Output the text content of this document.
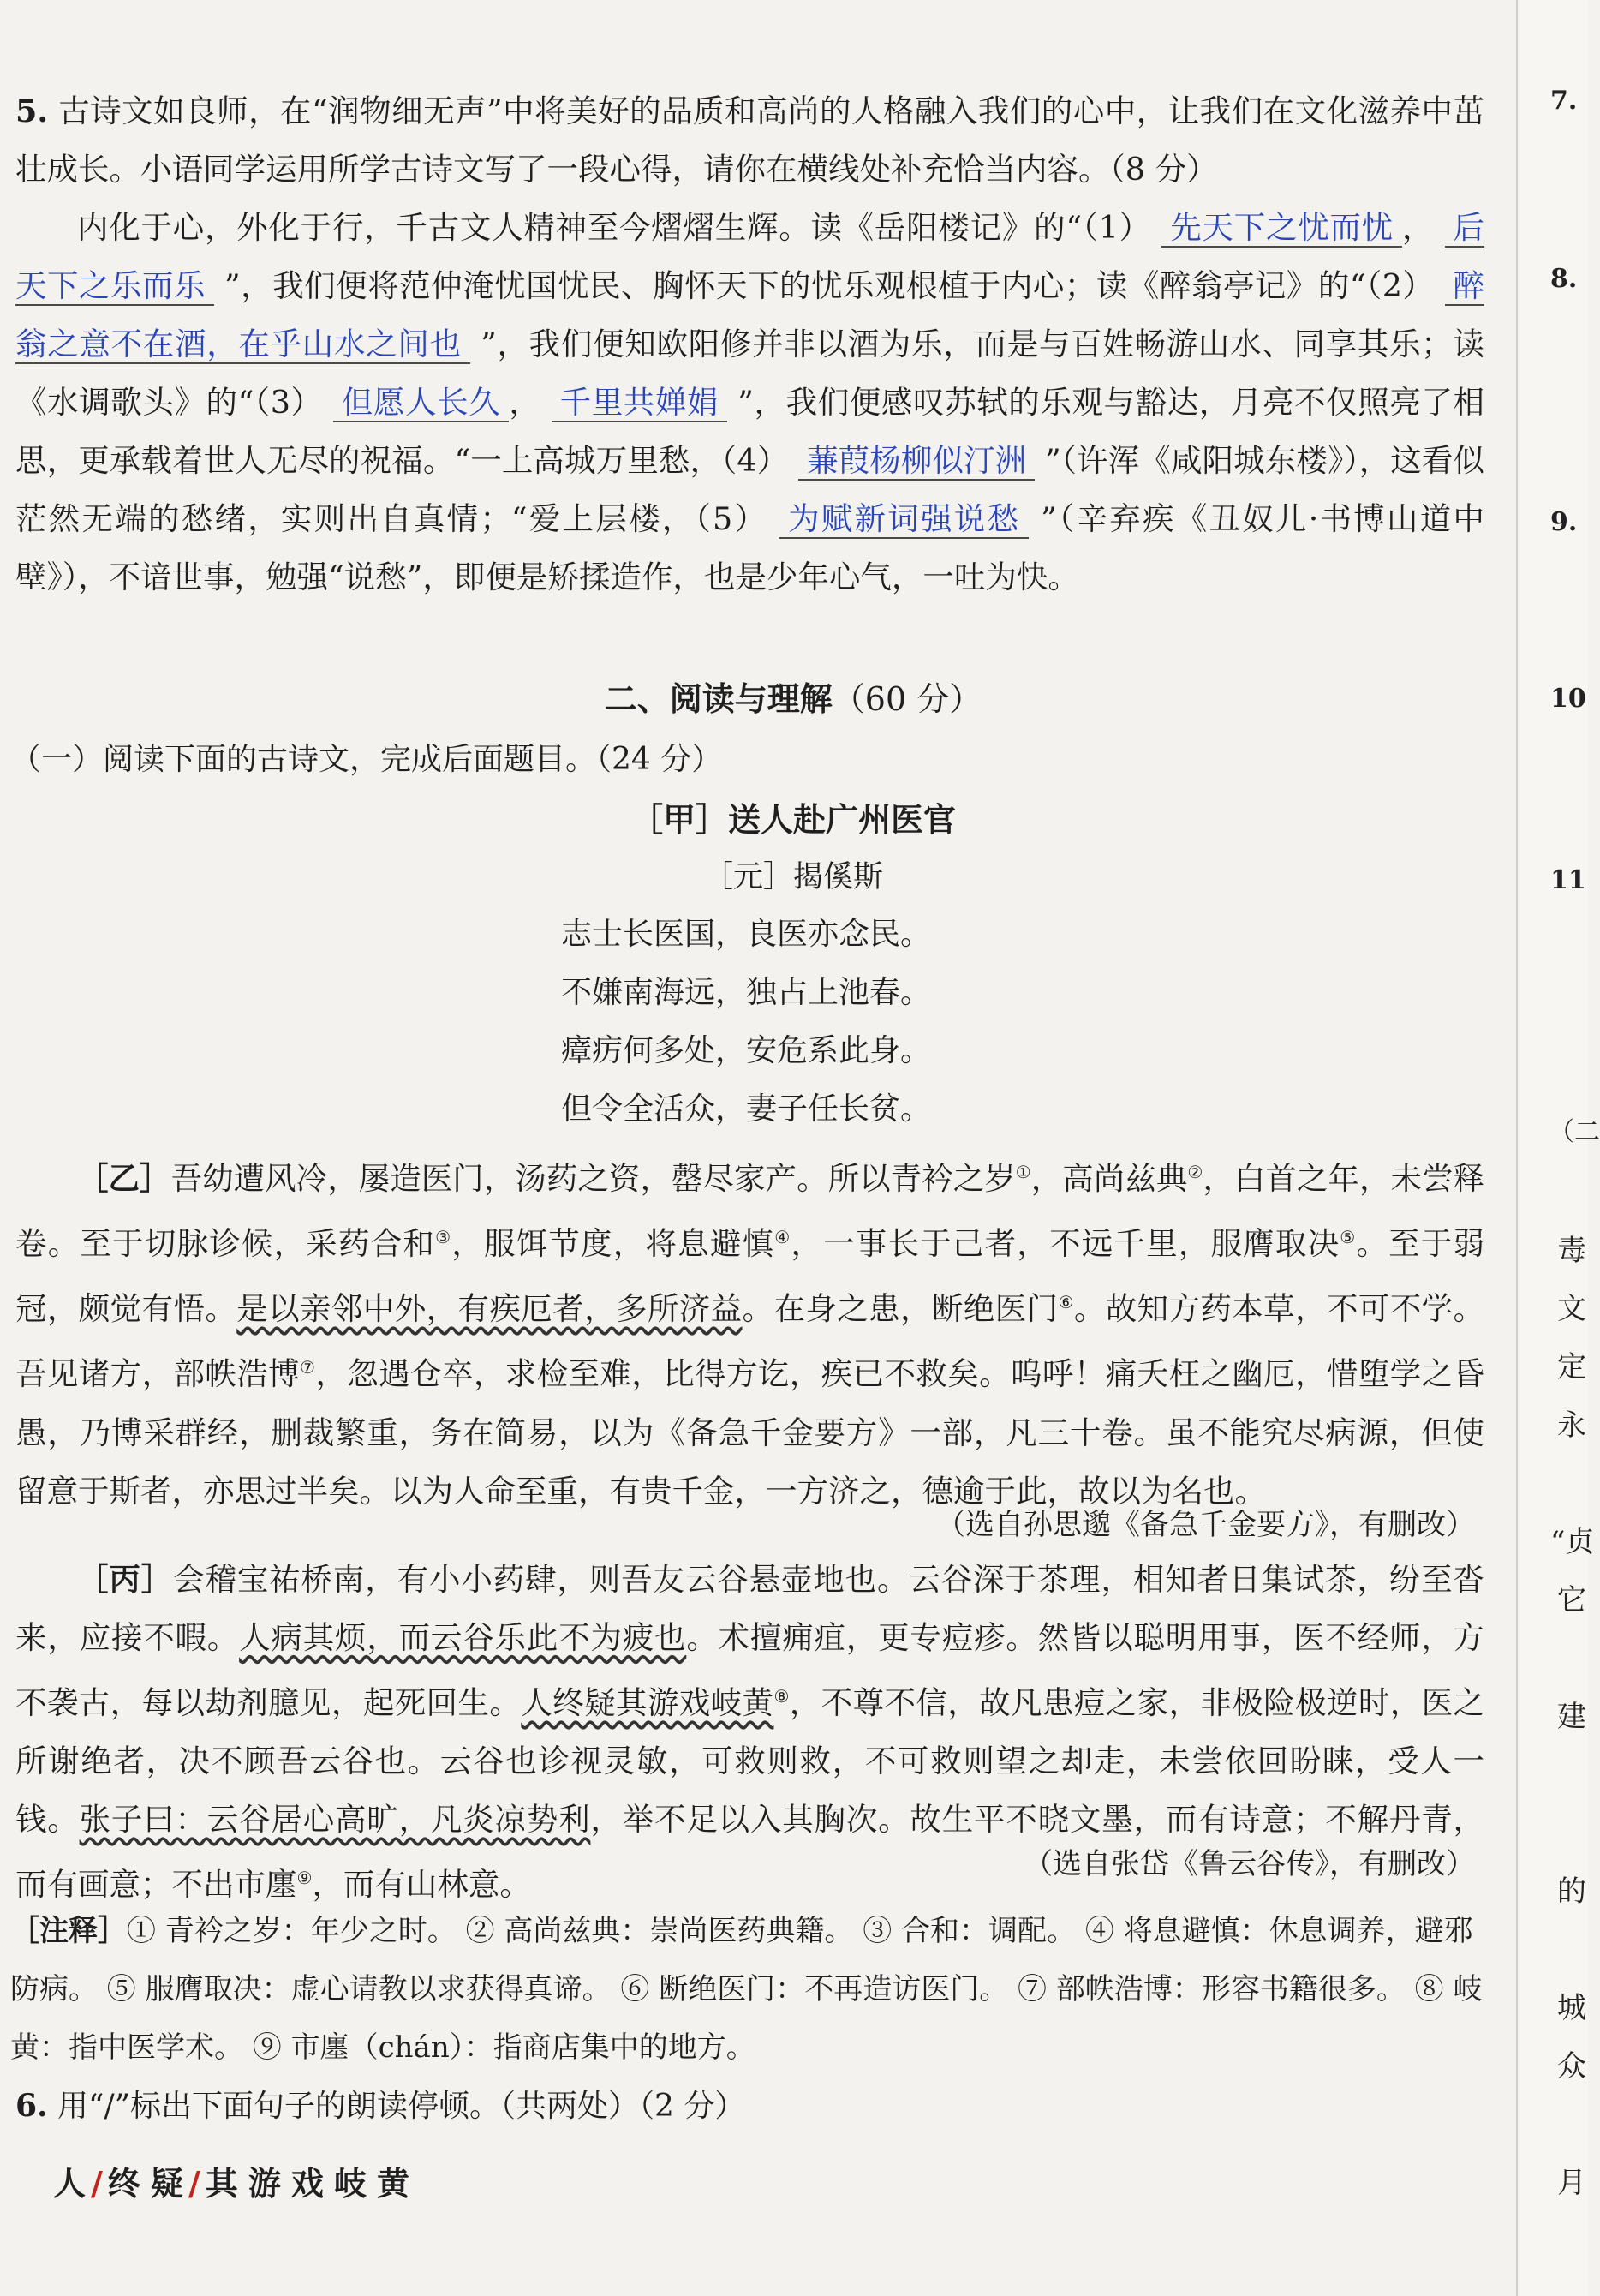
5. 古诗文如良师，在“润物细无声”中将美好的品质和高尚的人格融入我们的心中，让我们在文化滋养中茁壮成长。小语同学运用所学古诗文写了一段心得，请你在横线处补充恰当内容。（8 分）

内化于心，外化于行，千古文人精神至今熠熠生辉。读《岳阳楼记》的“（1） 先天下之忧而忧 ， 后天下之乐而乐 ”，我们便将范仲淹忧国忧民、胸怀天下的忧乐观根植于内心；读《醉翁亭记》的“（2） 醉翁之意不在酒，在乎山水之间也 ”，我们便知欧阳修并非以酒为乐，而是与百姓畅游山水、同享其乐；读《水调歌头》的“（3） 但愿人长久 ， 千里共婵娟 ”，我们便感叹苏轼的乐观与豁达，月亮不仅照亮了相思，更承载着世人无尽的祝福。“一上高城万里愁，（4） 蒹葭杨柳似汀洲 ”（许浑《咸阳城东楼》），这看似茫然无端的愁绪，实则出自真情；“爱上层楼，（5） 为赋新词强说愁 ”（辛弃疾《丑奴儿·书博山道中壁》），不谙世事，勉强“说愁”，即便是矫揉造作，也是少年心气，一吐为快。

二、阅读与理解（60 分）
（一）阅读下面的古诗文，完成后面题目。（24 分）
［甲］送人赴广州医官
［元］揭傒斯
志士长医国，良医亦念民。
不嫌南海远，独占上池春。
瘴疠何多处，安危系此身。
但令全活众，妻子任长贫。

［乙］吾幼遭风冷，屡造医门，汤药之资，罄尽家产。所以青衿之岁①，高尚兹典②，白首之年，未尝释卷。至于切脉诊候，采药合和③，服饵节度，将息避慎④，一事长于己者，不远千里，服膺取决⑤。至于弱冠，颇觉有悟。是以亲邻中外，有疾厄者，多所济益。在身之患，断绝医门⑥。故知方药本草，不可不学。吾见诸方，部帙浩博⑦，忽遇仓卒，求检至难，比得方讫，疾已不救矣。呜呼！痛夭枉之幽厄，惜堕学之昏愚，乃博采群经，删裁繁重，务在简易，以为《备急千金要方》一部，凡三十卷。虽不能究尽病源，但使留意于斯者，亦思过半矣。以为人命至重，有贵千金，一方济之，德逾于此，故以为名也。

（选自孙思邈《备急千金要方》，有删改）

［丙］会稽宝祐桥南，有小小药肆，则吾友云谷悬壶地也。云谷深于茶理，相知者日集试茶，纷至沓来，应接不暇。人病其烦，而云谷乐此不为疲也。术擅痈疽，更专痘疹。然皆以聪明用事，医不经师，方不袭古，每以劫剂臆见，起死回生。人终疑其游戏岐黄⑧，不尊不信，故凡患痘之家，非极险极逆时，医之所谢绝者，决不顾吾云谷也。云谷也诊视灵敏，可救则救，不可救则望之却走，未尝依回盼睐，受人一钱。张子曰：云谷居心高旷，凡炎凉势利，举不足以入其胸次。故生平不晓文墨，而有诗意；不解丹青，而有画意；不出市廛⑨，而有山林意。

7.
8.
9.
10
11
（二
（选自张岱《鲁云谷传》，有删改）

［注释］① 青衿之岁：年少之时。 ② 高尚兹典：崇尚医药典籍。 ③ 合和：调配。 ④ 将息避慎：休息调养，避邪防病。 ⑤ 服膺取决：虚心请教以求获得真谛。 ⑥ 断绝医门：不再造访医门。 ⑦ 部帙浩博：形容书籍很多。 ⑧ 岐黄：指中医学术。 ⑨ 市廛（chán）：指商店集中的地方。

6. 用“/”标出下面句子的朗读停顿。（共两处）（2 分）
人/终疑/其游戏岐黄
毒
文
定
永
“贞
它
建
的
城
众
月
